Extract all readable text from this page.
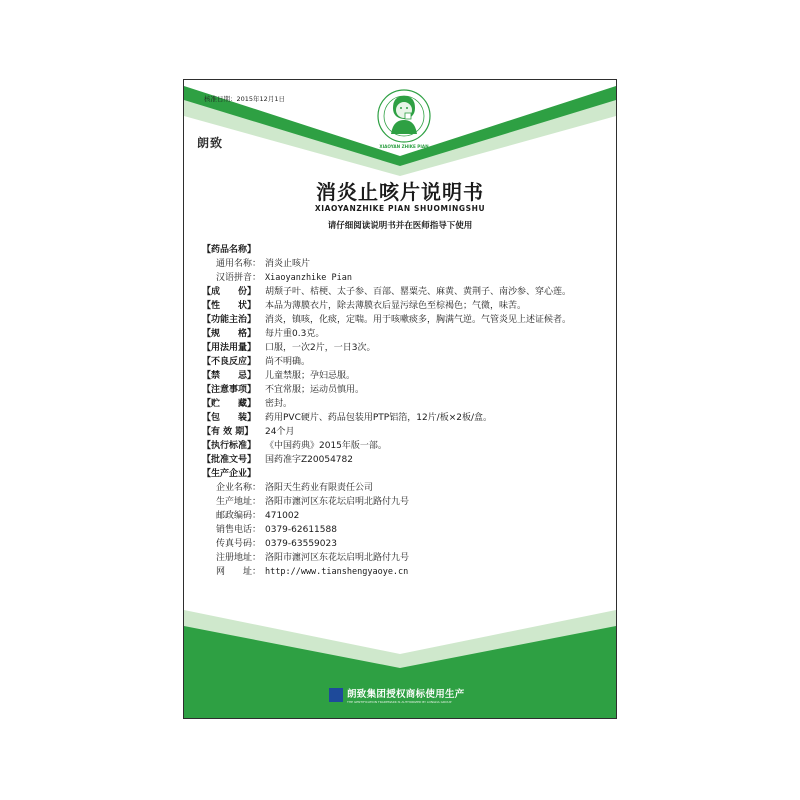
核准日期：2015年12月1日
朗致	XIAOYAN ZHIKE PIAN
消炎止咳片说明书
XIAOYANZHIKE PIAN SHUOMINGSHU
请仔细阅读说明书并在医师指导下使用
【药品名称】
通用名称： 消炎止咳片
汉语拼音： Xiaoyanzhike Pian
【成　　份】 胡颓子叶、桔梗、太子参、百部、罂粟壳、麻黄、黄荆子、南沙参、穿心莲。
【性　　状】 本品为薄膜衣片，除去薄膜衣后显污绿色至棕褐色；气微，味苦。
【功能主治】 消炎，镇咳，化痰，定喘。用于咳嗽痰多，胸满气逆。气管炎见上述证候者。
【规　　格】 每片重0.3克。
【用法用量】 口服，一次2片，一日3次。
【不良反应】 尚不明确。
【禁　　忌】 儿童禁服；孕妇忌服。
【注意事项】 不宜常服；运动员慎用。
【贮　　藏】 密封。
【包　　装】 药用PVC硬片、药品包装用PTP铝箔，12片/板×2板/盒。
【有 效 期】	24个月
【执行标准】 《中国药典》2015年版一部。
【批准文号】 国药准字Z20054782
【生产企业】
企业名称： 洛阳天生药业有限责任公司
生产地址： 洛阳市瀍河区东花坛启明北路付九号
邮政编码： 471002
销售电话： 0379-62611588
传真号码： 0379-63559023
注册地址： 洛阳市瀍河区东花坛启明北路付九号
网　　址： http://www.tianshengyaoye.cn
朗致集团授权商标使用生产
THE GENTIFICATION TRADEMARK IS AUTHORIZED BY LONGDA GROUP
